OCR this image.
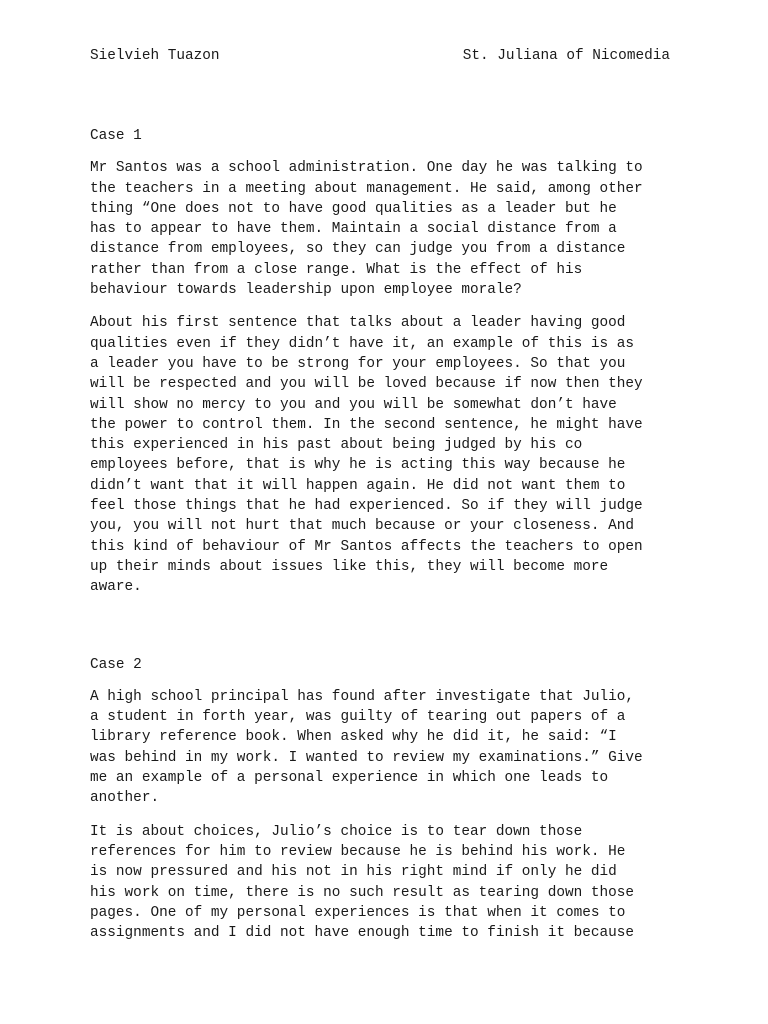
Sielvieh Tuazon	St. Juliana of Nicomedia
Case 1
Mr Santos was a school administration. One day he was talking to
the teachers in a meeting about management. He said, among other
thing “One does not to have good qualities as a leader but he
has to appear to have them. Maintain a social distance from a
distance from employees, so they can judge you from a distance
rather than from a close range. What is the effect of his
behaviour towards leadership upon employee morale?
About his first sentence that talks about a leader having good
qualities even if they didn’t have it, an example of this is as
a leader you have to be strong for your employees. So that you
will be respected and you will be loved because if now then they
will show no mercy to you and you will be somewhat don’t have
the power to control them. In the second sentence, he might have
this experienced in his past about being judged by his co
employees before, that is why he is acting this way because he
didn’t want that it will happen again. He did not want them to
feel those things that he had experienced. So if they will judge
you, you will not hurt that much because or your closeness. And
this kind of behaviour of Mr Santos affects the teachers to open
up their minds about issues like this, they will become more
aware.
Case 2
A high school principal has found after investigate that Julio,
a student in forth year, was guilty of tearing out papers of a
library reference book. When asked why he did it, he said: “I
was behind in my work. I wanted to review my examinations.” Give
me an example of a personal experience in which one leads to
another.
It is about choices, Julio’s choice is to tear down those
references for him to review because he is behind his work. He
is now pressured and his not in his right mind if only he did
his work on time, there is no such result as tearing down those
pages. One of my personal experiences is that when it comes to
assignments and I did not have enough time to finish it because
